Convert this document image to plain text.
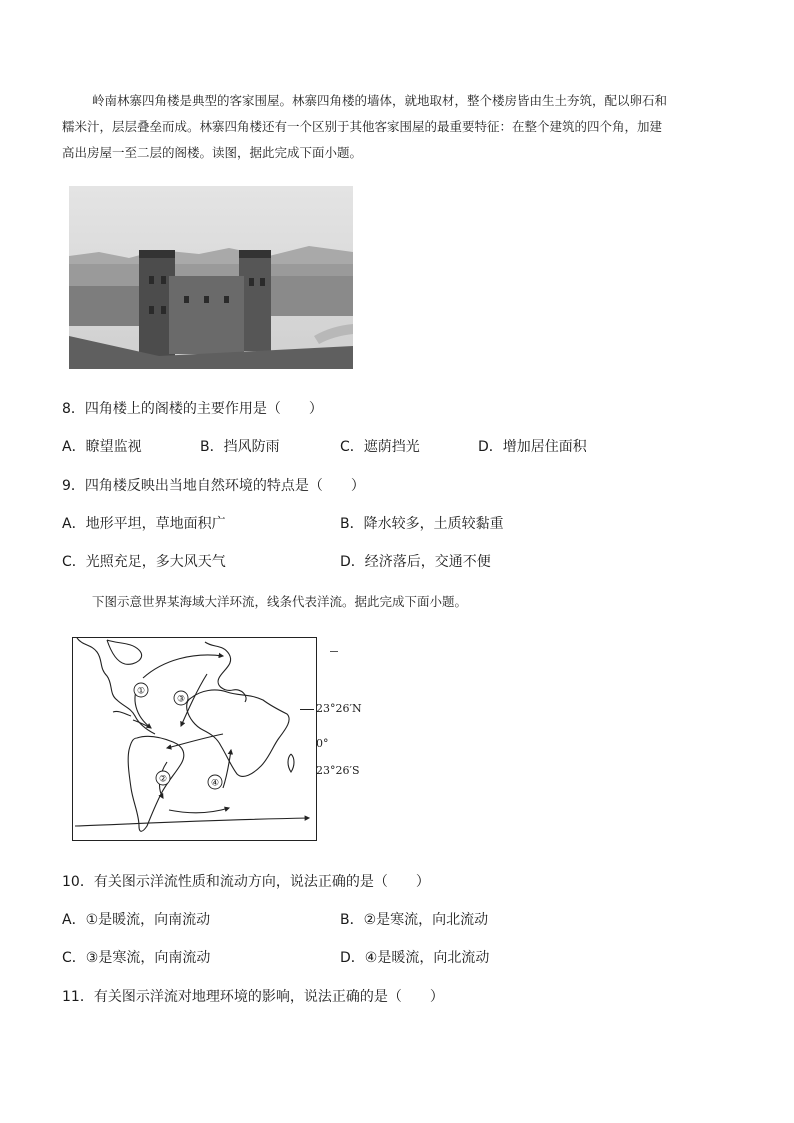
岭南林寨四角楼是典型的客家围屋。林寨四角楼的墙体，就地取材，整个楼房皆由生土夯筑，配以卵石和
糯米汁，层层叠垒而成。林寨四角楼还有一个区别于其他客家围屋的最重要特征：在整个建筑的四个角，加建
高出房屋一至二层的阁楼。读图，据此完成下面小题。
8．四角楼上的阁楼的主要作用是（　　）
A．瞭望监视	B．挡风防雨	C．遮荫挡光	D．增加居住面积
9．四角楼反映出当地自然环境的特点是（　　）
A．地形平坦，草地面积广	B．降水较多，土质较黏重
C．光照充足，多大风天气	D．经济落后，交通不便
下图示意世界某海域大洋环流，线条代表洋流。据此完成下面小题。
①
③
②	④
23°26′N
0°
23°26′S
10．有关图示洋流性质和流动方向，说法正确的是（　　）
A．①是暖流，向南流动	B．②是寒流，向北流动
C．③是寒流，向南流动	D．④是暖流，向北流动
11．有关图示洋流对地理环境的影响，说法正确的是（　　）
